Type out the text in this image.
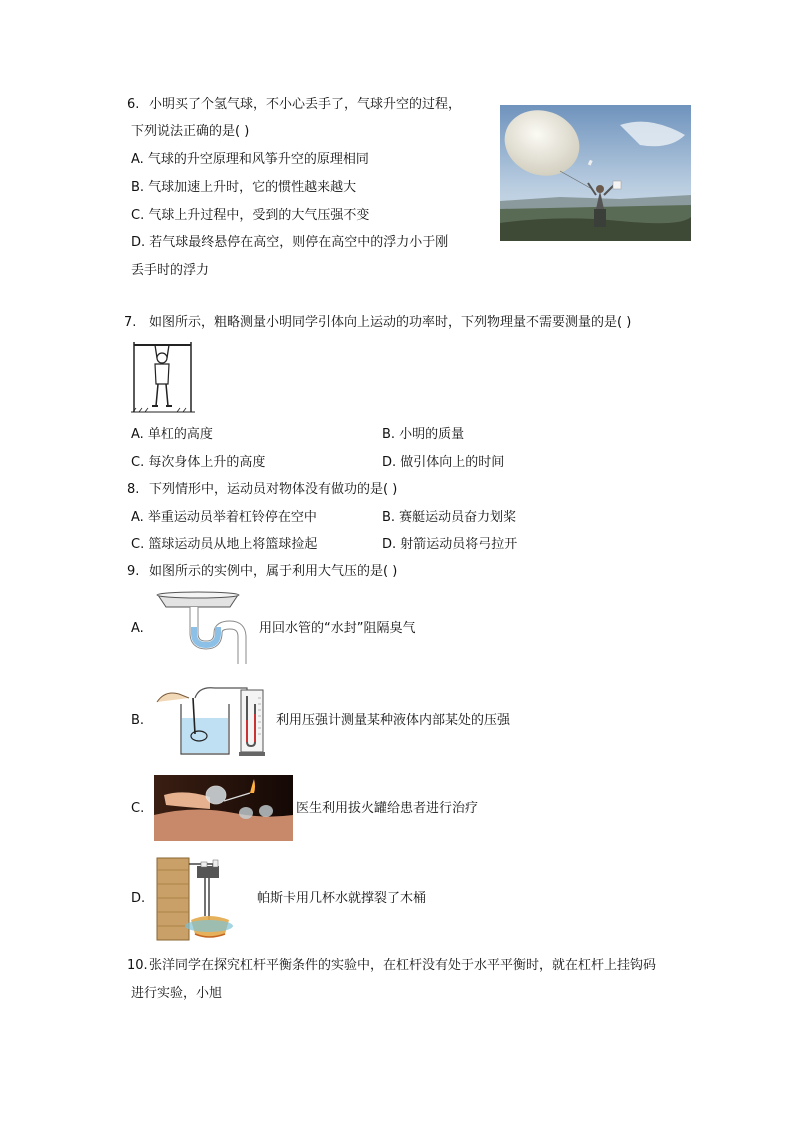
6. 小明买了个氢气球，不小心丢手了，气球升空的过程，
下列说法正确的是( )
A. 气球的升空原理和风筝升空的原理相同
B. 气球加速上升时，它的惯性越来越大
C. 气球上升过程中，受到的大气压强不变
D. 若气球最终悬停在高空，则停在高空中的浮力小于刚
丢手时的浮力
7. 如图所示，粗略测量小明同学引体向上运动的功率时，下列物理量不需要测量的是( )
A. 单杠的高度	B. 小明的质量
C. 每次身体上升的高度	D. 做引体向上的时间
8. 下列情形中，运动员对物体没有做功的是( )
A. 举重运动员举着杠铃停在空中	B. 赛艇运动员奋力划桨
C. 篮球运动员从地上将篮球捡起	D. 射箭运动员将弓拉开
9. 如图所示的实例中，属于利用大气压的是( )
A.	用回水管的“水封”阻隔臭气
B.	利用压强计测量某种液体内部某处的压强
C.	医生利用拔火罐给患者进行治疗
D.	帕斯卡用几杯水就撑裂了木桶
10. 张洋同学在探究杠杆平衡条件的实验中，在杠杆没有处于水平平衡时，就在杠杆上挂钩码
进行实验，小旭
